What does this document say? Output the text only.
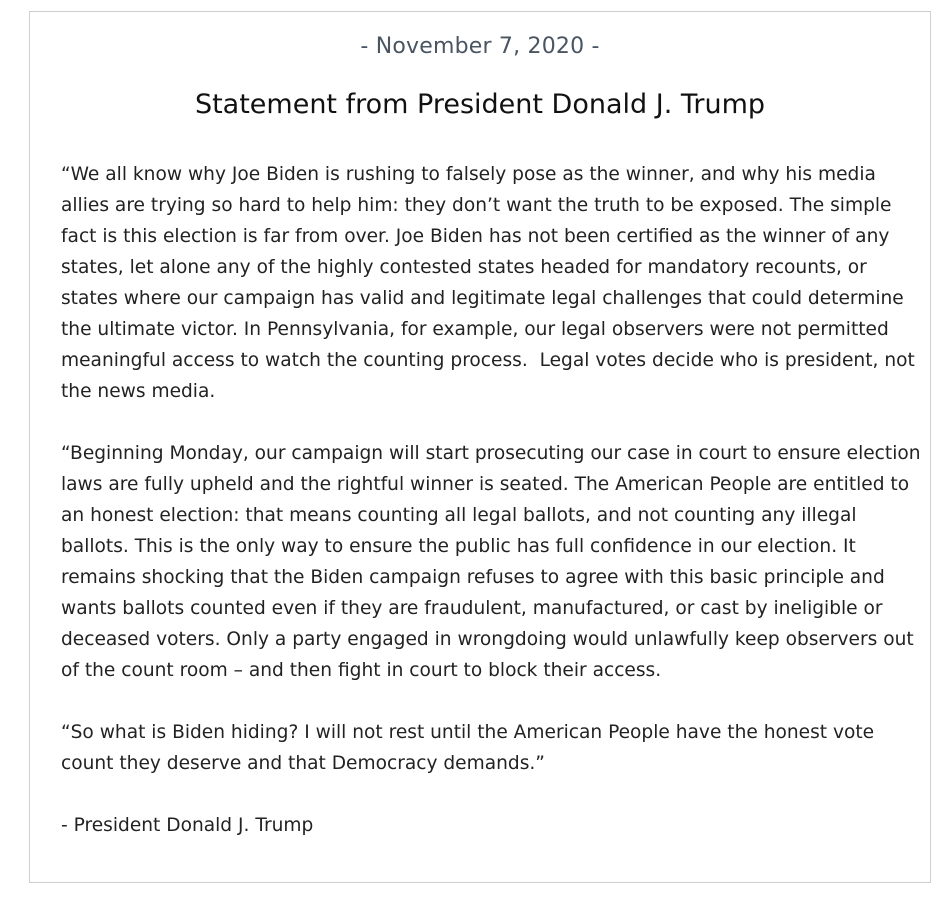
- November 7, 2020 -
Statement from President Donald J. Trump

“We all know why Joe Biden is rushing to falsely pose as the winner, and why his media allies are trying so hard to help him: they don’t want the truth to be exposed. The simple fact is this election is far from over. Joe Biden has not been certified as the winner of any states, let alone any of the highly contested states headed for mandatory recounts, or states where our campaign has valid and legitimate legal challenges that could determine the ultimate victor. In Pennsylvania, for example, our legal observers were not permitted meaningful access to watch the counting process.  Legal votes decide who is president, not the news media.

“Beginning Monday, our campaign will start prosecuting our case in court to ensure election laws are fully upheld and the rightful winner is seated. The American People are entitled to an honest election: that means counting all legal ballots, and not counting any illegal ballots. This is the only way to ensure the public has full confidence in our election. It remains shocking that the Biden campaign refuses to agree with this basic principle and wants ballots counted even if they are fraudulent, manufactured, or cast by ineligible or deceased voters. Only a party engaged in wrongdoing would unlawfully keep observers out of the count room – and then fight in court to block their access.

“So what is Biden hiding? I will not rest until the American People have the honest vote count they deserve and that Democracy demands.”

- President Donald J. Trump
